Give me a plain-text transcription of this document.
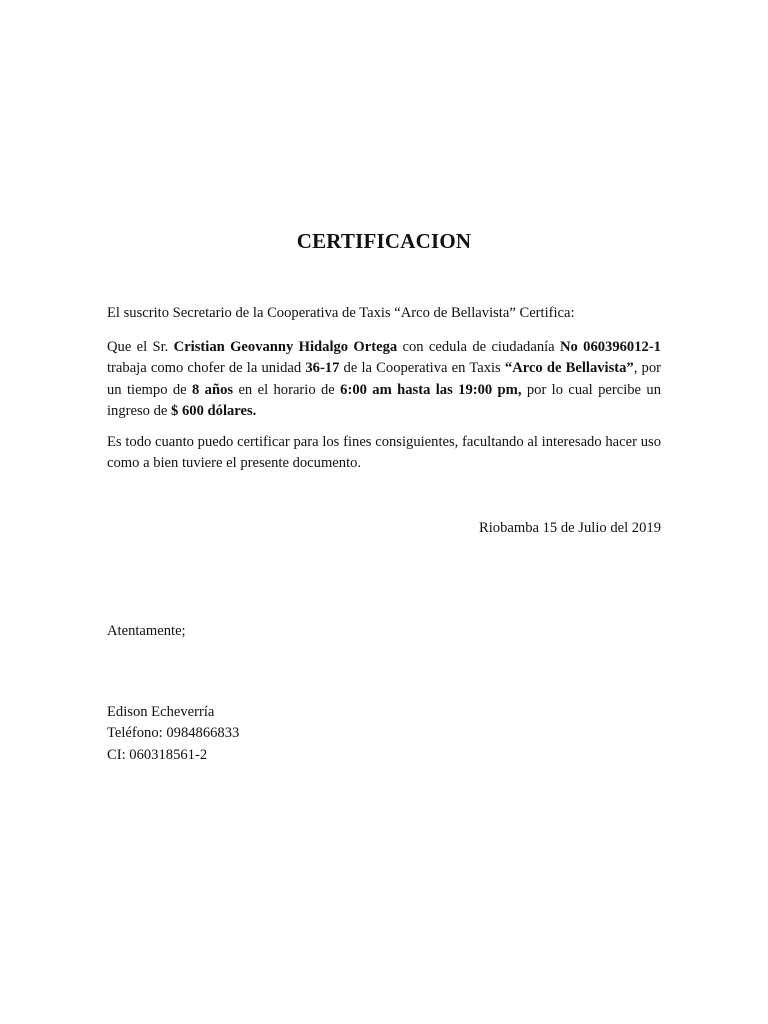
CERTIFICACION

El suscrito Secretario de la Cooperativa de Taxis “Arco de Bellavista” Certifica:

Que el Sr. Cristian Geovanny Hidalgo Ortega con cedula de ciudadanía No 060396012-1 trabaja como chofer de la unidad 36-17 de la Cooperativa en Taxis “Arco de Bellavista”, por un tiempo de 8 años en el horario de 6:00 am hasta las 19:00 pm, por lo cual percibe un ingreso de $ 600 dólares.

Es todo cuanto puedo certificar para los fines consiguientes, facultando al interesado hacer uso como a bien tuviere el presente documento.

Riobamba 15 de Julio del 2019

Atentamente;

Edison Echeverría
Teléfono: 0984866833
CI: 060318561-2
